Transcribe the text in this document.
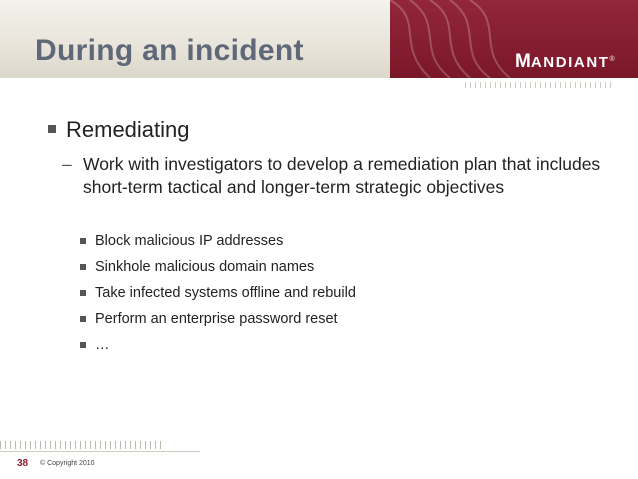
During an incident	MANDIANT®
Remediating
– Work with investigators to develop a remediation plan that includes short-term tactical and longer-term strategic objectives
Block malicious IP addresses
Sinkhole malicious domain names
Take infected systems offline and rebuild
Perform an enterprise password reset
…
38 © Copyright 2010
